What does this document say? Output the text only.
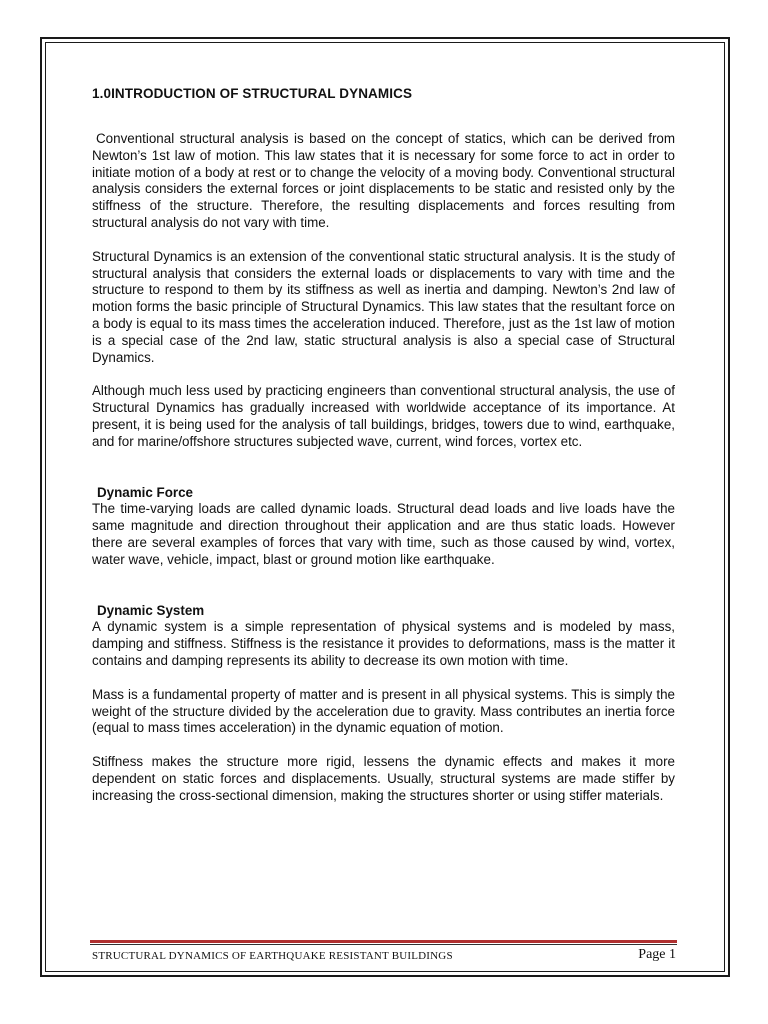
1.0INTRODUCTION OF STRUCTURAL DYNAMICS

Conventional structural analysis is based on the concept of statics, which can be derived from Newton’s 1st law of motion. This law states that it is necessary for some force to act in order to initiate motion of a body at rest or to change the velocity of a moving body. Conventional structural analysis considers the external forces or joint displacements to be static and resisted only by the stiffness of the structure. Therefore, the resulting displacements and forces resulting from structural analysis do not vary with time.

Structural Dynamics is an extension of the conventional static structural analysis. It is the study of structural analysis that considers the external loads or displacements to vary with time and the structure to respond to them by its stiffness as well as inertia and damping. Newton’s 2nd law of motion forms the basic principle of Structural Dynamics. This law states that the resultant force on a body is equal to its mass times the acceleration induced. Therefore, just as the 1st law of motion is a special case of the 2nd law, static structural analysis is also a special case of Structural Dynamics.

Although much less used by practicing engineers than conventional structural analysis, the use of Structural Dynamics has gradually increased with worldwide acceptance of its importance. At present, it is being used for the analysis of tall buildings, bridges, towers due to wind, earthquake, and for marine/offshore structures subjected wave, current, wind forces, vortex etc.

Dynamic Force

The time-varying loads are called dynamic loads. Structural dead loads and live loads have the same magnitude and direction throughout their application and are thus static loads. However there are several examples of forces that vary with time, such as those caused by wind, vortex, water wave, vehicle, impact, blast or ground motion like earthquake.

Dynamic System

A dynamic system is a simple representation of physical systems and is modeled by mass, damping and stiffness. Stiffness is the resistance it provides to deformations, mass is the matter it contains and damping represents its ability to decrease its own motion with time.

Mass is a fundamental property of matter and is present in all physical systems. This is simply the weight of the structure divided by the acceleration due to gravity. Mass contributes an inertia force (equal to mass times acceleration) in the dynamic equation of motion.

Stiffness makes the structure more rigid, lessens the dynamic effects and makes it more dependent on static forces and displacements. Usually, structural systems are made stiffer by increasing the cross-sectional dimension, making the structures shorter or using stiffer materials.

STRUCTURAL DYNAMICS OF EARTHQUAKE RESISTANT BUILDINGS	Page 1
